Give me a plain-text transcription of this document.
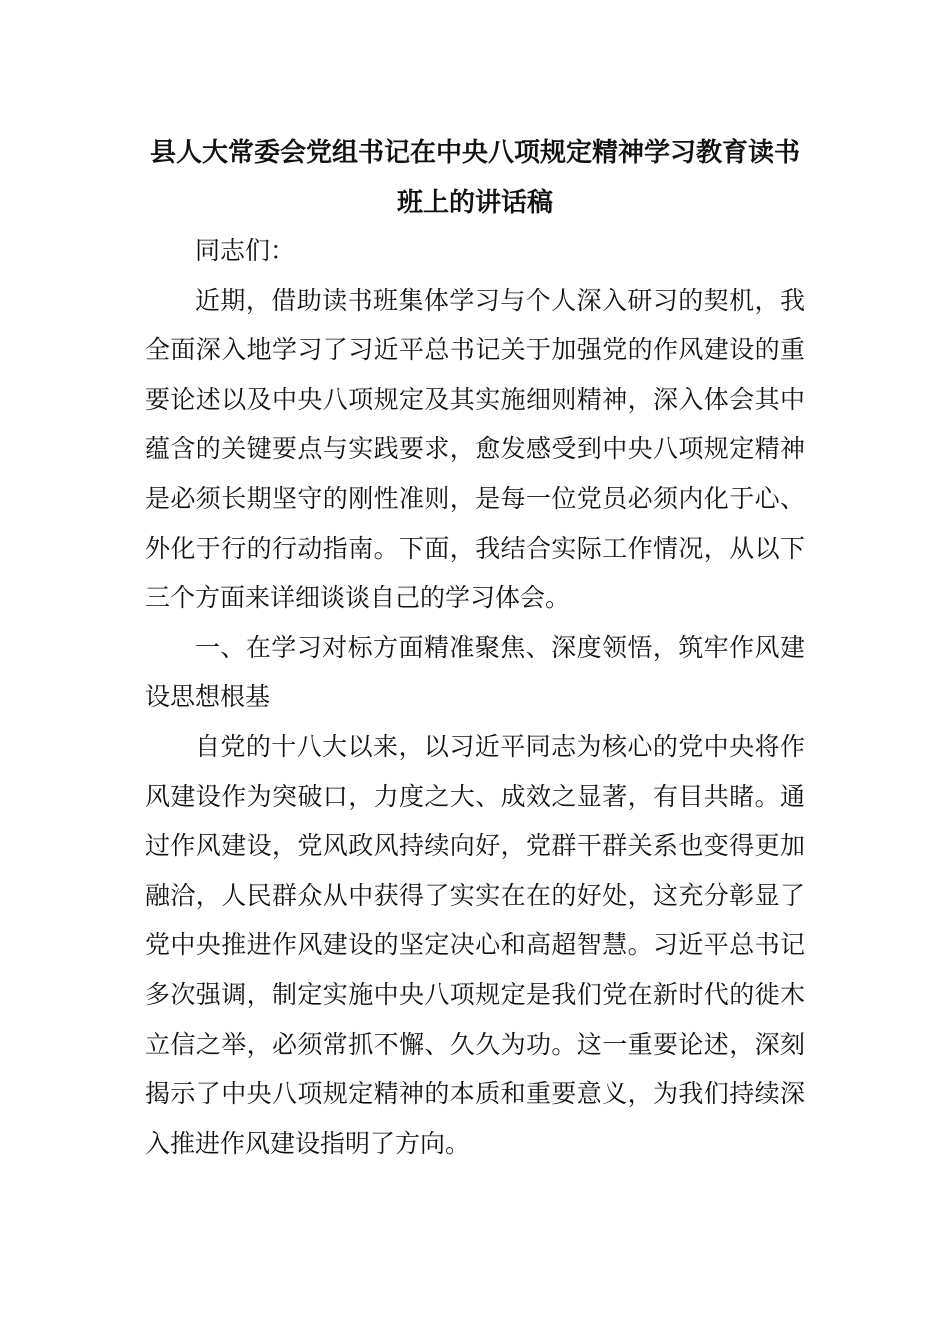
县人大常委会党组书记在中央八项规定精神学习教育读书班上的讲话稿

同志们：

近期，借助读书班集体学习与个人深入研习的契机，我全面深入地学习了习近平总书记关于加强党的作风建设的重要论述以及中央八项规定及其实施细则精神，深入体会其中蕴含的关键要点与实践要求，愈发感受到中央八项规定精神是必须长期坚守的刚性准则，是每一位党员必须内化于心、外化于行的行动指南。下面，我结合实际工作情况，从以下三个方面来详细谈谈自己的学习体会。

一、在学习对标方面精准聚焦、深度领悟，筑牢作风建设思想根基

自党的十八大以来，以习近平同志为核心的党中央将作风建设作为突破口，力度之大、成效之显著，有目共睹。通过作风建设，党风政风持续向好，党群干群关系也变得更加融洽，人民群众从中获得了实实在在的好处，这充分彰显了党中央推进作风建设的坚定决心和高超智慧。习近平总书记多次强调，制定实施中央八项规定是我们党在新时代的徙木立信之举，必须常抓不懈、久久为功。这一重要论述，深刻揭示了中央八项规定精神的本质和重要意义，为我们持续深入推进作风建设指明了方向。
